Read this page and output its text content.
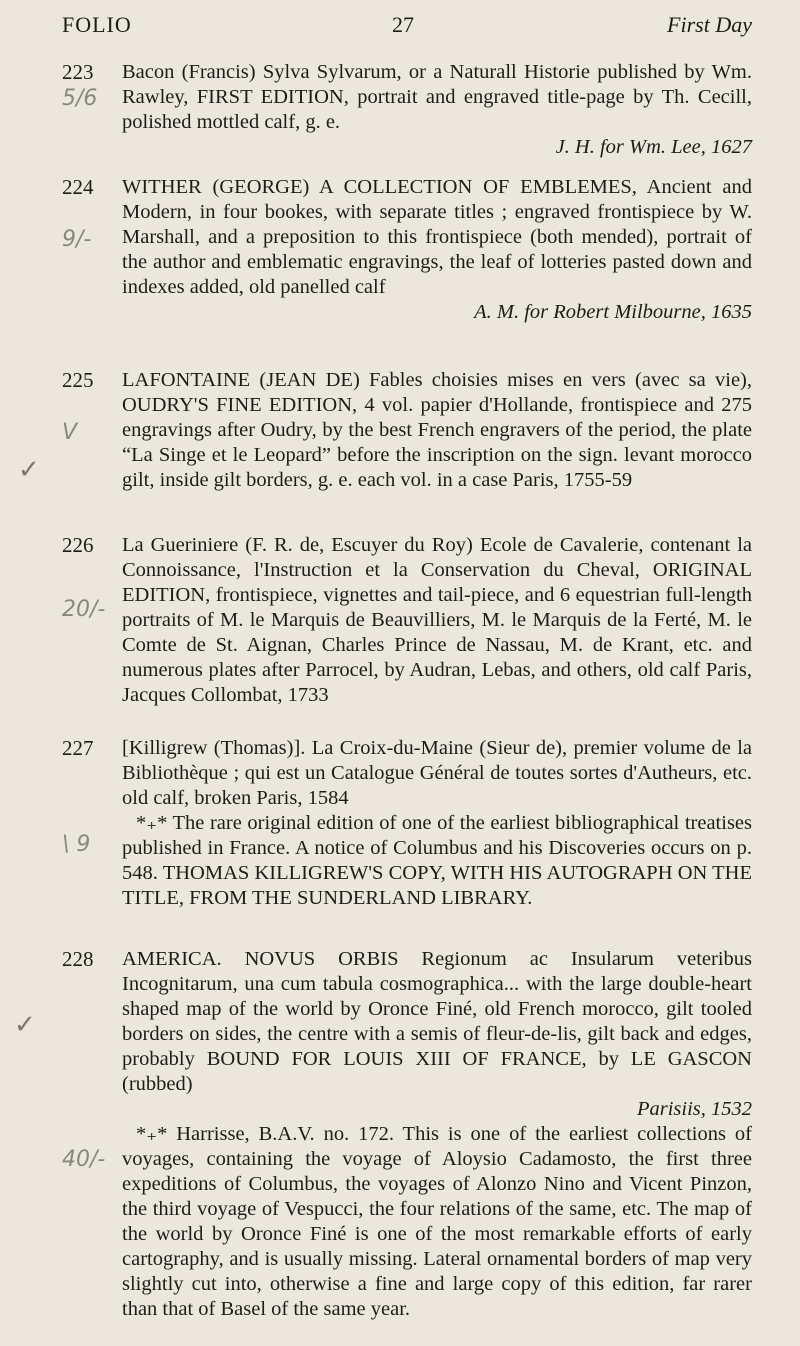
FOLIO	27	First Day
223
5/6
Bacon (Francis) Sylva Sylvarum, or a Naturall Historie published by Wm. Rawley, FIRST EDITION, portrait and engraved title-page by Th. Cecill, polished mottled calf, g. e.
J. H. for Wm. Lee, 1627
224
9/-
WITHER (GEORGE) A COLLECTION OF EMBLEMES, Ancient and Modern, in four bookes, with separate titles ; engraved frontispiece by W. Marshall, and a preposition to this frontispiece (both mended), portrait of the author and emblematic engravings, the leaf of lotteries pasted down and indexes added, old panelled calf
A. M. for Robert Milbourne, 1635
225
V
LAFONTAINE (JEAN DE) Fables choisies mises en vers (avec sa vie), OUDRY'S FINE EDITION, 4 vol. papier d'Hollande, frontispiece and 275 engravings after Oudry, by the best French engravers of the period, the plate “La Singe et le Leopard” before the inscription on the sign. levant morocco gilt, inside gilt borders, g. e. each vol. in a case Paris, 1755-59
226
20/-
La Gueriniere (F. R. de, Escuyer du Roy) Ecole de Cavalerie, contenant la Connoissance, l'Instruction et la Conservation du Cheval, ORIGINAL EDITION, frontispiece, vignettes and tail-piece, and 6 equestrian full-length portraits of M. le Marquis de Beauvilliers, M. le Marquis de la Ferté, M. le Comte de St. Aignan, Charles Prince de Nassau, M. de Krant, etc. and numerous plates after Parrocel, by Audran, Lebas, and others, old calf Paris, Jacques Collombat, 1733
227
\ 9
[Killigrew (Thomas)]. La Croix-du-Maine (Sieur de), premier volume de la Bibliothèque ; qui est un Catalogue Général de toutes sortes d'Autheurs, etc. old calf, broken Paris, 1584
*₊* The rare original edition of one of the earliest bibliographical treatises published in France. A notice of Columbus and his Discoveries occurs on p. 548. THOMAS KILLIGREW'S COPY, WITH HIS AUTOGRAPH ON THE TITLE, FROM THE SUNDERLAND LIBRARY.
228
40/-
AMERICA. NOVUS ORBIS Regionum ac Insularum veteribus Incognitarum, una cum tabula cosmographica... with the large double-heart shaped map of the world by Oronce Finé, old French morocco, gilt tooled borders on sides, the centre with a semis of fleur-de-lis, gilt back and edges, probably BOUND FOR LOUIS XIII OF FRANCE, by LE GASCON (rubbed)
Parisiis, 1532
*₊* Harrisse, B.A.V. no. 172. This is one of the earliest collections of voyages, containing the voyage of Aloysio Cadamosto, the first three expeditions of Columbus, the voyages of Alonzo Nino and Vicent Pinzon, the third voyage of Vespucci, the four relations of the same, etc. The map of the world by Oronce Finé is one of the most remarkable efforts of early cartography, and is usually missing. Lateral ornamental borders of map very slightly cut into, otherwise a fine and large copy of this edition, far rarer than that of Basel of the same year.
✓
✓
